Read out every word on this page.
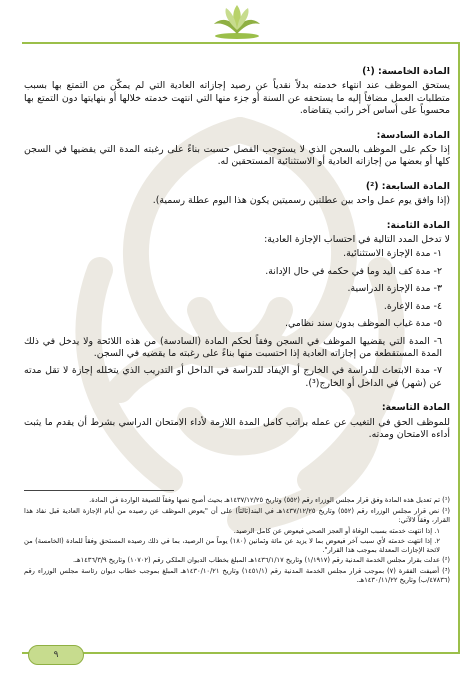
المادة الخامسة: (¹)
يستحق الموظف عند انتهاء خدمته بدلاً نقدياً عن رصيد إجازاته العادية التي لم يمكّن من التمتع بها بسبب متطلبات العمل مضافاً إليه ما يستحقه عن السنة أو جزء منها التي انتهت خدمته خلالها أو بنهايتها دون التمتع بها محسوباً على أساس آخر راتب يتقاضاه.
المادة السادسة:
إذا حكم على الموظف بالسجن الذي لا يستوجب الفصل حسبت بناءً على رغبته المدة التي يقضيها في السجن كلها أو بعضها من إجازاته العادية أو الاستثنائية المستحقين له.
المادة السابعة: (²)
(إذا وافق يوم عمل واحد بين عطلتين رسميتين يكون هذا اليوم عطلة رسمية).
المادة الثامنة:
لا تدخل المدد التالية في احتساب الإجازة العادية:
١- مدة الإجازة الاستثنائية.
٢- مدة كف اليد وما في حكمه في حال الإدانة.
٣- مدة الإجازة الدراسية.
٤- مدة الإعارة.
٥- مدة غياب الموظف بدون سند نظامي.
٦- المدة التي يقضيها الموظف في السجن وفقاً لحكم المادة (السادسة) من هذه اللائحة ولا يدخل في ذلك المدة المستقطعة من إجازاته العادية إذا احتسبت منها بناءً على رغبته ما يقضيه في السجن.
٧- مدة الابتعاث للدراسة في الخارج أو الإيفاد للدراسة في الداخل أو التدريب الذي يتخلله إجازة لا تقل مدته عن (شهر) في الداخل أو الخارج(³).
المادة التاسعة:
للموظف الحق في التغيب عن عمله براتب كامل المدة اللازمة لأداء الامتحان الدراسي بشرط أن يقدم ما يثبت أداءه الامتحان ومدته.
(¹) تم تعديل هذه المادة وفق قرار مجلس الوزراء رقم (٥٥٢) وتاريخ ١٤٣٧/١٢/٢٥هـ بحيث أصبح نصها وفقاً للصيغة الواردة في المادة.
(¹) نص قرار مجلس الوزراء رقم (٥٥٢) وتاريخ ١٤٣٧/١٢/٢٥هـ في البند(ثالثاً) على أن "يعوض الموظف عن رصيده من أيام الإجازة العادية قبل نفاذ هذا القرار، وفقاً لالآتي:
١. إذا انتهت خدمته بسبب الوفاة أو العجز الصحي فيعوض عن كامل الرصيد.
٢. إذا انتهت خدمته لأي سبب آخر فيعوض بما لا يزيد عن مائة وثمانين (١٨٠) يوماً من الرصيد، بما في ذلك رصيده المستحق وفقاً للمادة (الخامسة) من لائحة الإجازات المعدلة بموجب هذا القرار".
(²) عدلت بقرار مجلس الخدمة المدنية رقم (١/١٩١٧) وتاريخ ١٤٣٦/١/١٧هـ المبلغ بخطاب الديوان الملكي رقم (١٠٧٠٢) وتاريخ ١٤٣٦/٣/٩هـ.
(³) أضيفت الفقرة (٧) بموجب قرار مجلس الخدمة المدنية رقم (١٤٥١/١) وتاريخ ١٤٣٠/١٠/٢١هـ المبلغ بموجب خطاب ديوان رئاسة مجلس الوزراء رقم (٤٧٨٣٦/ب) وتاريخ ١٤٣٠/١١/٢٢هـ.
٩
